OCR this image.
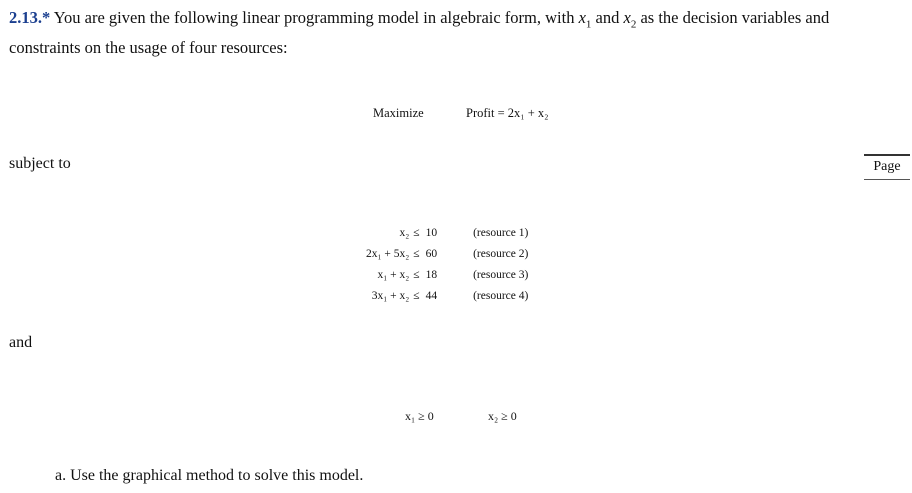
2.13.* You are given the following linear programming model in algebraic form, with $x_1$ and $x_2$ as the decision variables and constraints on the usage of four resources:
Maximize	Profit = 2x₁ + x₂
subject to	Page
x₂	≤	10	(resource 1)
2x₁ + 5x₂	≤	60	(resource 2)
x₁ + x₂	≤	18	(resource 3)
3x₁ + x₂	≤	44	(resource 4)
and
x₁ ≥ 0	x₂ ≥ 0
a. Use the graphical method to solve this model.
